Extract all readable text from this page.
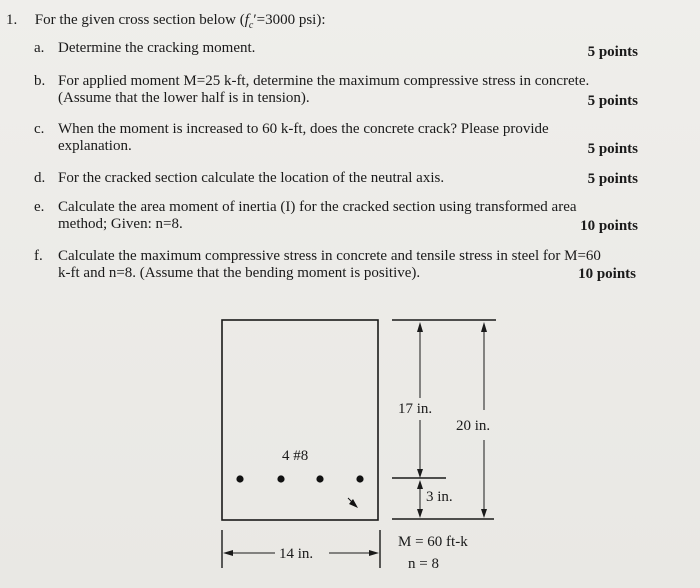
1. For the given cross section below ($f_c'=3000$ psi):
a. Determine the cracking moment.	5 points
b. For applied moment M=25 k-ft, determine the maximum compressive stress in concrete.
(Assume that the lower half is in tension).	5 points
c. When the moment is increased to 60 k-ft, does the concrete crack? Please provide
explanation.	5 points
d. For the cracked section calculate the location of the neutral axis.	5 points
e. Calculate the area moment of inertia (I) for the cracked section using transformed area
method; Given: n=8.	10 points
f. Calculate the maximum compressive stress in concrete and tensile stress in steel for M=60
k-ft and n=8. (Assume that the bending moment is positive).	10 points
4 #8
17 in.
3 in.
20 in.
14 in.
M = 60 ft-k
n = 8
